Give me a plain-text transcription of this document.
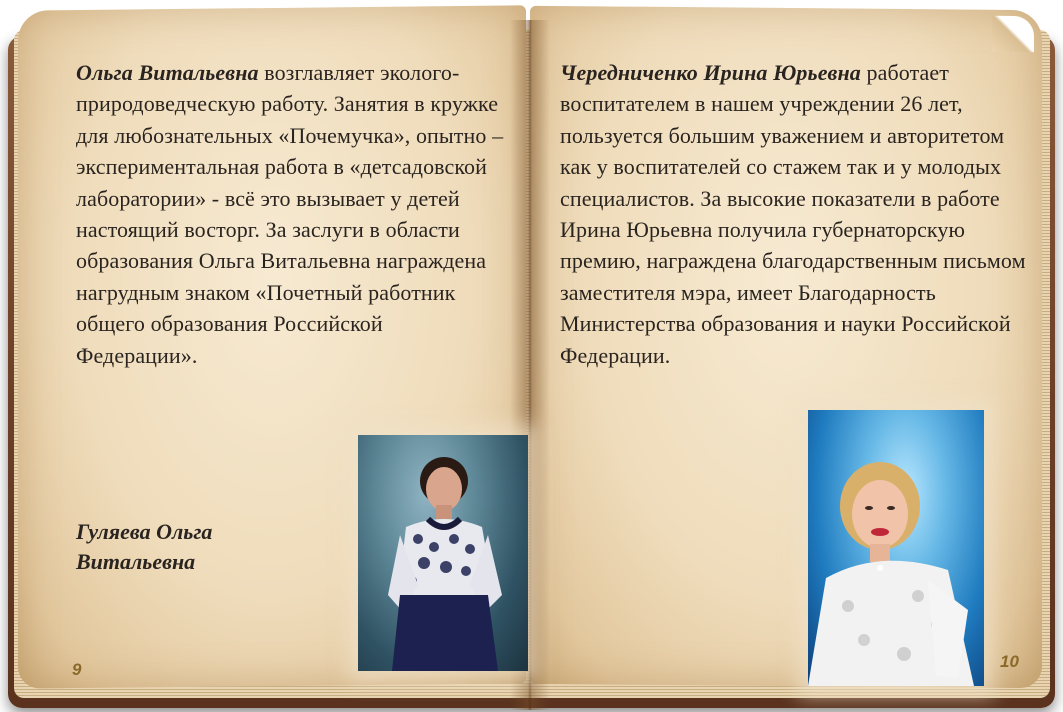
Ольга Витальевна возглавляет эколого-природоведческую работу. Занятия в кружке для любознательных «Почемучка», опытно – экспериментальная работа в «детсадовской лаборатории» - всё это вызывает у детей настоящий восторг. За заслуги в области образования Ольга Витальевна награждена нагрудным знаком «Почетный работник общего образования Российской Федерации».
Гуляева Ольга
Витальевна
Чередниченко Ирина Юрьевна работает воспитателем в нашем учреждении 26 лет, пользуется большим уважением и авторитетом как у воспитателей со стажем так и у молодых специалистов. За высокие показатели в работе Ирина Юрьевна получила губернаторскую премию, награждена благодарственным письмом заместителя мэра, имеет Благодарность Министерства образования и науки Российской Федерации.
9	10
